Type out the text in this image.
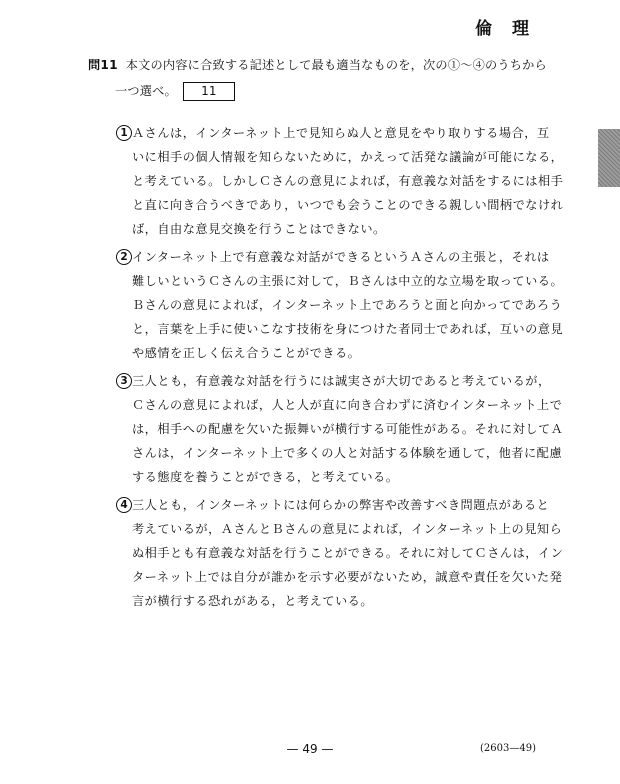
倫 理
問11 本文の内容に合致する記述として最も適当なものを，次の①～④のうちから
一つ選べ。	11
1 Ａさんは，インターネット上で見知らぬ人と意見をやり取りする場合，互
いに相手の個人情報を知らないために，かえって活発な議論が可能になる，
と考えている。しかしＣさんの意見によれば，有意義な対話をするには相手
と直に向き合うべきであり，いつでも会うことのできる親しい間柄でなけれ
ば，自由な意見交換を行うことはできない。
2 インターネット上で有意義な対話ができるというＡさんの主張と，それは
難しいというＣさんの主張に対して，Ｂさんは中立的な立場を取っている。
Ｂさんの意見によれば，インターネット上であろうと面と向かってであろう
と，言葉を上手に使いこなす技術を身につけた者同士であれば，互いの意見
や感情を正しく伝え合うことができる。
3 三人とも，有意義な対話を行うには誠実さが大切であると考えているが，
Ｃさんの意見によれば，人と人が直に向き合わずに済むインターネット上で
は，相手への配慮を欠いた振舞いが横行する可能性がある。それに対してＡ
さんは，インターネット上で多くの人と対話する体験を通して，他者に配慮
する態度を養うことができる，と考えている。
4 三人とも，インターネットには何らかの弊害や改善すべき問題点があると
考えているが，ＡさんとＢさんの意見によれば，インターネット上の見知ら
ぬ相手とも有意義な対話を行うことができる。それに対してＣさんは，イン
ターネット上では自分が誰かを示す必要がないため，誠意や責任を欠いた発
言が横行する恐れがある，と考えている。
— 49 —	(2603—49)
